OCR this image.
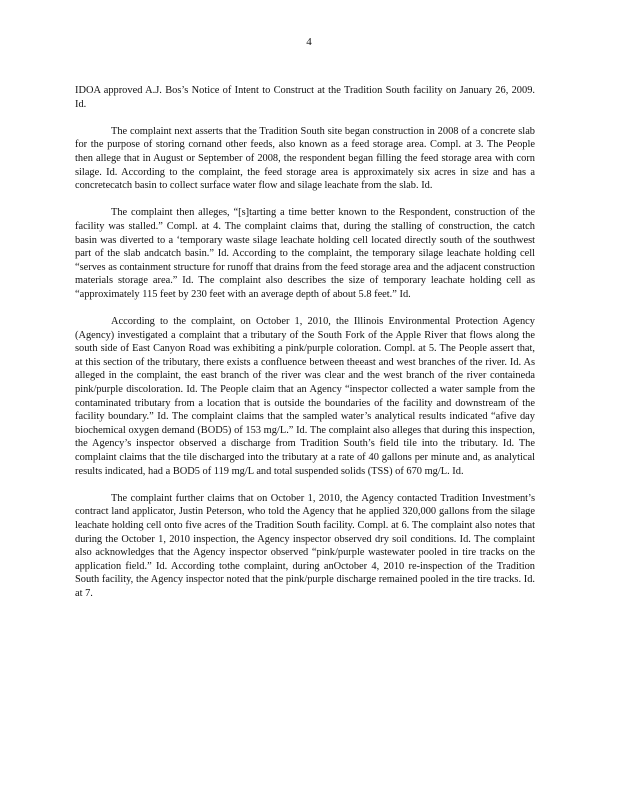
4

IDOA approved A.J. Bos’s Notice of Intent to Construct at the Tradition South facility on January 26, 2009. Id.

The complaint next asserts that the Tradition South site began construction in 2008 of a concrete slab for the purpose of storing cornand other feeds, also known as a feed storage area. Compl. at 3. The People then allege that in August or September of 2008, the respondent began filling the feed storage area with corn silage. Id. According to the complaint, the feed storage area is approximately six acres in size and has a concretecatch basin to collect surface water flow and silage leachate from the slab. Id.

The complaint then alleges, “[s]tarting a time better known to the Respondent, construction of the facility was stalled.” Compl. at 4. The complaint claims that, during the stalling of construction, the catch basin was diverted to a ‘temporary waste silage leachate holding cell located directly south of the southwest part of the slab andcatch basin.” Id. According to the complaint, the temporary silage leachate holding cell “serves as containment structure for runoff that drains from the feed storage area and the adjacent construction materials storage area.” Id. The complaint also describes the size of temporary leachate holding cell as “approximately 115 feet by 230 feet with an average depth of about 5.8 feet.” Id.

According to the complaint, on October 1, 2010, the Illinois Environmental Protection Agency (Agency) investigated a complaint that a tributary of the South Fork of the Apple River that flows along the south side of East Canyon Road was exhibiting a pink/purple coloration. Compl. at 5. The People assert that, at this section of the tributary, there exists a confluence between theeast and west branches of the river. Id. As alleged in the complaint, the east branch of the river was clear and the west branch of the river containeda pink/purple discoloration. Id. The People claim that an Agency “inspector collected a water sample from the contaminated tributary from a location that is outside the boundaries of the facility and downstream of the facility boundary.” Id. The complaint claims that the sampled water’s analytical results indicated “afive day biochemical oxygen demand (BOD5) of 153 mg/L.” Id. The complaint also alleges that during this inspection, the Agency’s inspector observed a discharge from Tradition South’s field tile into the tributary. Id. The complaint claims that the tile discharged into the tributary at a rate of 40 gallons per minute and, as analytical results indicated, had a BOD5 of 119 mg/L and total suspended solids (TSS) of 670 mg/L. Id.

The complaint further claims that on October 1, 2010, the Agency contacted Tradition Investment’s contract land applicator, Justin Peterson, who told the Agency that he applied 320,000 gallons from the silage leachate holding cell onto five acres of the Tradition South facility. Compl. at 6. The complaint also notes that during the October 1, 2010 inspection, the Agency inspector observed dry soil conditions. Id. The complaint also acknowledges that the Agency inspector observed “pink/purple wastewater pooled in tire tracks on the application field.” Id. According tothe complaint, during anOctober 4, 2010 re-inspection of the Tradition South facility, the Agency inspector noted that the pink/purple discharge remained pooled in the tire tracks. Id. at 7.
